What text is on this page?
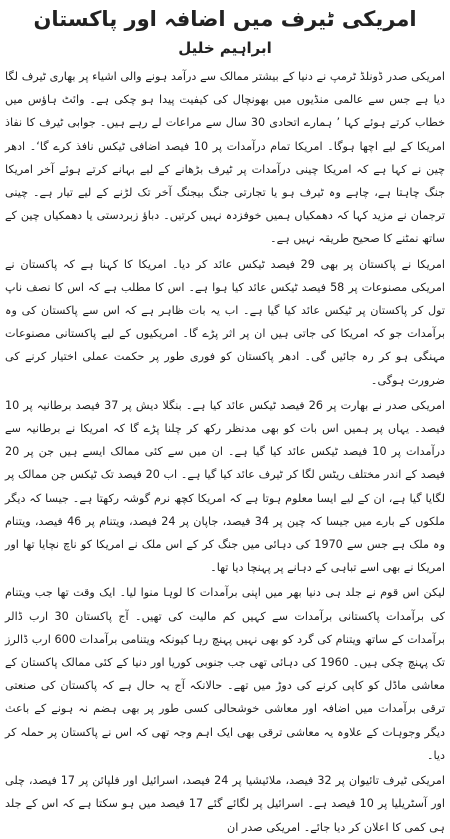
امریکی ٹیرف میں اضافہ اور پاکستان
ابراہیم خلیل

امریکی صدر ڈونلڈ ٹرمپ نے دنیا کے بیشتر ممالک سے درآمد ہونے والی اشیاء پر بھاری ٹیرف لگا دیا ہے جس سے عالمی منڈیوں میں بھونچال کی کیفیت پیدا ہو چکی ہے۔ وائٹ ہاؤس میں خطاب کرتے ہوئے کہا ’ ہمارے اتحادی 30 سال سے مراعات لے رہے ہیں۔ جوابی ٹیرف کا نفاذ امریکا کے لیے اچھا ہوگا۔ امریکا تمام درآمدات پر 10 فیصد اضافی ٹیکس نافذ کرے گا‘۔ ادھر چین نے کہا ہے کہ امریکا چینی درآمدات پر ٹیرف بڑھانے کے لیے بہانے کرتے ہوئے آخر امریکا جنگ چاہتا ہے، چاہے وہ ٹیرف ہو یا تجارتی جنگ بیجنگ آخر تک لڑنے کے لیے تیار ہے۔ چینی ترجمان نے مزید کہا کہ دھمکیاں ہمیں خوفزدہ نہیں کرتیں۔ دباؤ زبردستی یا دھمکیاں چین کے ساتھ نمٹنے کا صحیح طریقہ نہیں ہے۔

امریکا نے پاکستان پر بھی 29 فیصد ٹیکس عائد کر دیا۔ امریکا کا کہنا ہے کہ پاکستان نے امریکی مصنوعات پر 58 فیصد ٹیکس عائد کیا ہوا ہے۔ اس کا مطلب ہے کہ اس کا نصف ناپ تول کر پاکستان پر ٹیکس عائد کیا گیا ہے۔ اب یہ بات ظاہر ہے کہ اس سے پاکستان کی وہ برآمدات جو کہ امریکا کی جاتی ہیں ان پر اثر پڑے گا۔ امریکیوں کے لیے پاکستانی مصنوعات مہنگی ہو کر رہ جائیں گی۔ ادھر پاکستان کو فوری طور پر حکمت عملی اختیار کرنے کی ضرورت ہوگی۔

امریکی صدر نے بھارت پر 26 فیصد ٹیکس عائد کیا ہے۔ بنگلا دیش پر 37 فیصد برطانیہ پر 10 فیصد۔ یہاں پر ہمیں اس بات کو بھی مدنظر رکھ کر چلنا پڑے گا کہ امریکا نے برطانیہ سے درآمدات پر 10 فیصد ٹیکس عائد کیا گیا ہے۔ ان میں سے کئی ممالک ایسے ہیں جن پر 20 فیصد کے اندر مختلف ریٹس لگا کر ٹیرف عائد کیا گیا ہے۔ اب 20 فیصد تک ٹیکس جن ممالک پر لگایا گیا ہے، ان کے لیے ایسا معلوم ہوتا ہے کہ امریکا کچھ نرم گوشہ رکھتا ہے۔ جیسا کہ دیگر ملکوں کے بارے میں جیسا کہ چین پر 34 فیصد، جاپان پر 24 فیصد، ویتنام پر 46 فیصد، ویتنام وہ ملک ہے جس سے 1970 کی دہائی میں جنگ کر کے اس ملک نے امریکا کو ناچ نچایا تھا اور امریکا نے بھی اسے تباہی کے دہانے پر پہنچا دیا تھا۔

لیکن اس قوم نے جلد ہی دنیا بھر میں اپنی برآمدات کا لوہا منوا لیا۔ ایک وقت تھا جب ویتنام کی برآمدات پاکستانی برآمدات سے کہیں کم مالیت کی تھیں۔ آج پاکستان 30 ارب ڈالر برآمدات کے ساتھ ویتنام کی گرد کو بھی نہیں پہنچ رہا کیونکہ ویتنامی برآمدات 600 ارب ڈالرز تک پہنچ چکی ہیں۔ 1960 کی دہائی تھی جب جنوبی کوریا اور دنیا کے کئی ممالک پاکستان کے معاشی ماڈل کو کاپی کرنے کی دوڑ میں تھے۔ حالانکہ آج یہ حال ہے کہ پاکستان کی صنعتی ترقی برآمدات میں اضافہ اور معاشی خوشحالی کسی طور پر بھی ہضم نہ ہونے کے باعث دیگر وجوہات کے علاوہ یہ معاشی ترقی بھی ایک اہم وجہ تھی کہ اس نے پاکستان پر حملہ کر دیا۔

امریکی ٹیرف تائیوان پر 32 فیصد، ملائیشیا پر 24 فیصد، اسرائیل اور فلپائن پر 17 فیصد، چلی اور آسٹریلیا پر 10 فیصد ہے۔ اسرائیل پر لگائے گئے 17 فیصد میں ہو سکتا ہے کہ اس کے جلد ہی کمی کا اعلان کر دیا جائے۔ امریکی صدر ان
